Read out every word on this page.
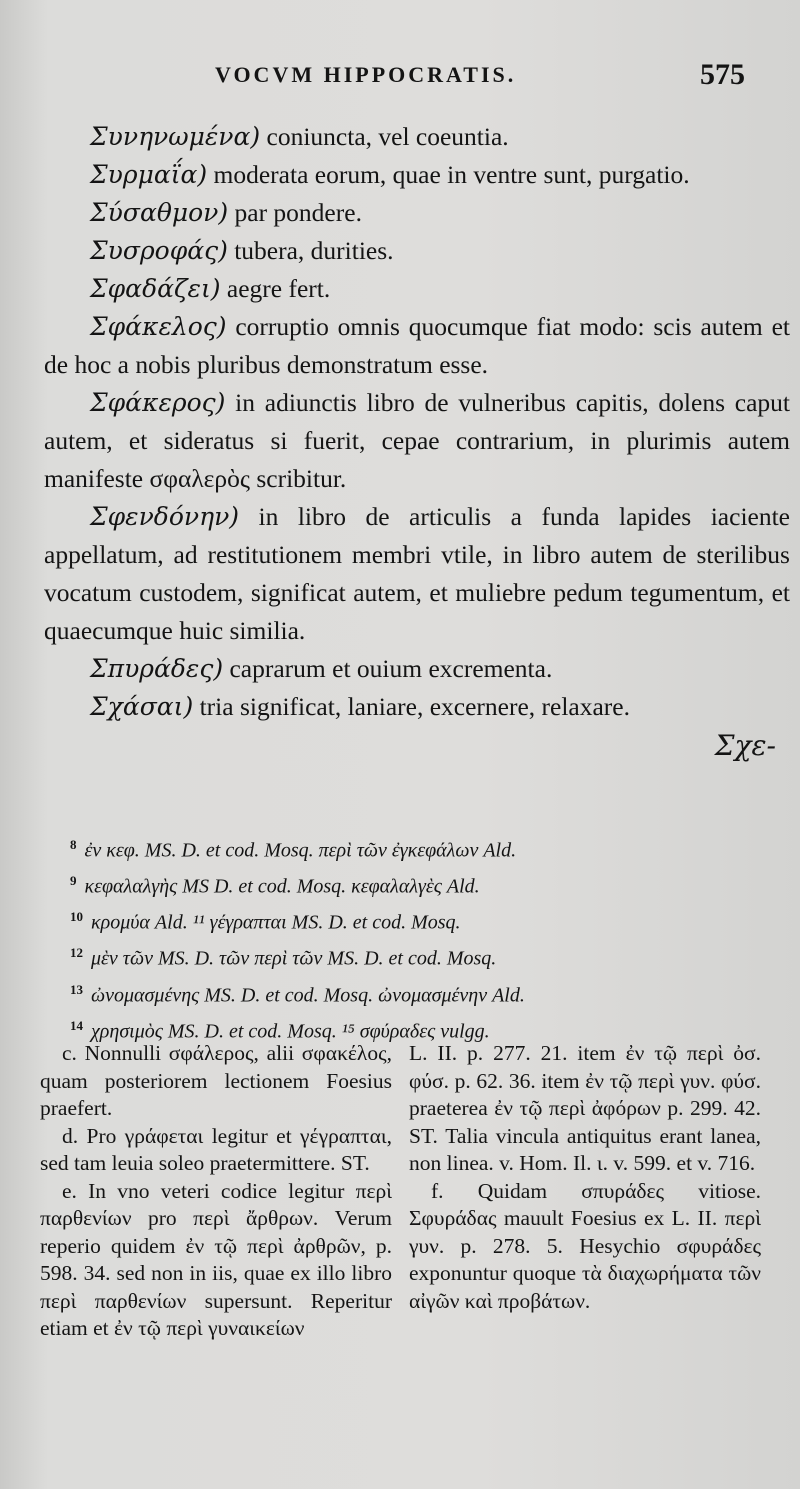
VOCVM HIPPOCRATIS.	575

Συνηνωμένα) coniuncta, vel coeuntia.

Συρμαΐα) moderata eorum, quae in ventre sunt, purgatio.

Σύσαθμον) par pondere.

Συσροφάς) tubera, durities.

Σφαδάζει) aegre fert.

Σφάκελος) corruptio omnis quocumque fiat modo: scis autem et de hoc a nobis pluribus demonstratum esse.

Σφάκερος) in adiunctis libro de vulneribus capitis, dolens caput autem, et sideratus si fuerit, cepae contrarium, in plurimis autem manifeste σφαλερὸς scribitur.

Σφενδόνην) in libro de articulis a funda lapides iaciente appellatum, ad restitutionem membri vtile, in libro autem de sterilibus vocatum custodem, significat autem, et muliebre pedum tegumentum, et quaecumque huic similia.

Σπυράδες) caprarum et ouium excrementa.

Σχάσαι) tria significat, laniare, excernere, relaxare.

Σχε-
$^8$ ἐν κεφ. MS. D. et cod. Mosq. περὶ τῶν ἐγκεφάλων Ald.
$^9$ κεφαλαλγὴς MS D. et cod. Mosq. κεφαλαλγὲς Ald.
$^{10}$ κρομύα Ald. ¹¹ γέγραπται MS. D. et cod. Mosq.
$^{12}$ μὲν τῶν MS. D. τῶν περὶ τῶν MS. D. et cod. Mosq.
$^{13}$ ὠνομασμένης MS. D. et cod. Mosq. ὠνομασμένην Ald.
$^{14}$ χρησιμὸς MS. D. et cod. Mosq. ¹⁵ σφύραδες vulgg.

c. Nonnulli σφάλερος, alii σφακέλος, quam posteriorem lectionem Foesius praefert.

d. Pro γράφεται legitur et γέγραπται, sed tam leuia soleo praetermittere. ST.

e. In vno veteri codice legitur περὶ παρθενίων pro περὶ ἄρθρων. Verum reperio quidem ἐν τῷ περὶ ἀρθρῶν, p. 598. 34. sed non in iis, quae ex illo libro περὶ παρθενίων supersunt. Reperitur etiam et ἐν τῷ περὶ γυναικείων

L. II. p. 277. 21. item ἐν τῷ περὶ ὀσ. φύσ. p. 62. 36. item ἐν τῷ περὶ γυν. φύσ. praeterea ἐν τῷ περὶ ἀφόρων p. 299. 42. ST. Talia vincula antiquitus erant lanea, non linea. v. Hom. Il. ι. v. 599. et v. 716.

f. Quidam σπυράδες vitiose. Σφυράδας mauult Foesius ex L. II. περὶ γυν. p. 278. 5. Hesychio σφυράδες exponuntur quoque τὰ διαχωρήματα τῶν αἰγῶν καὶ προβάτων.
